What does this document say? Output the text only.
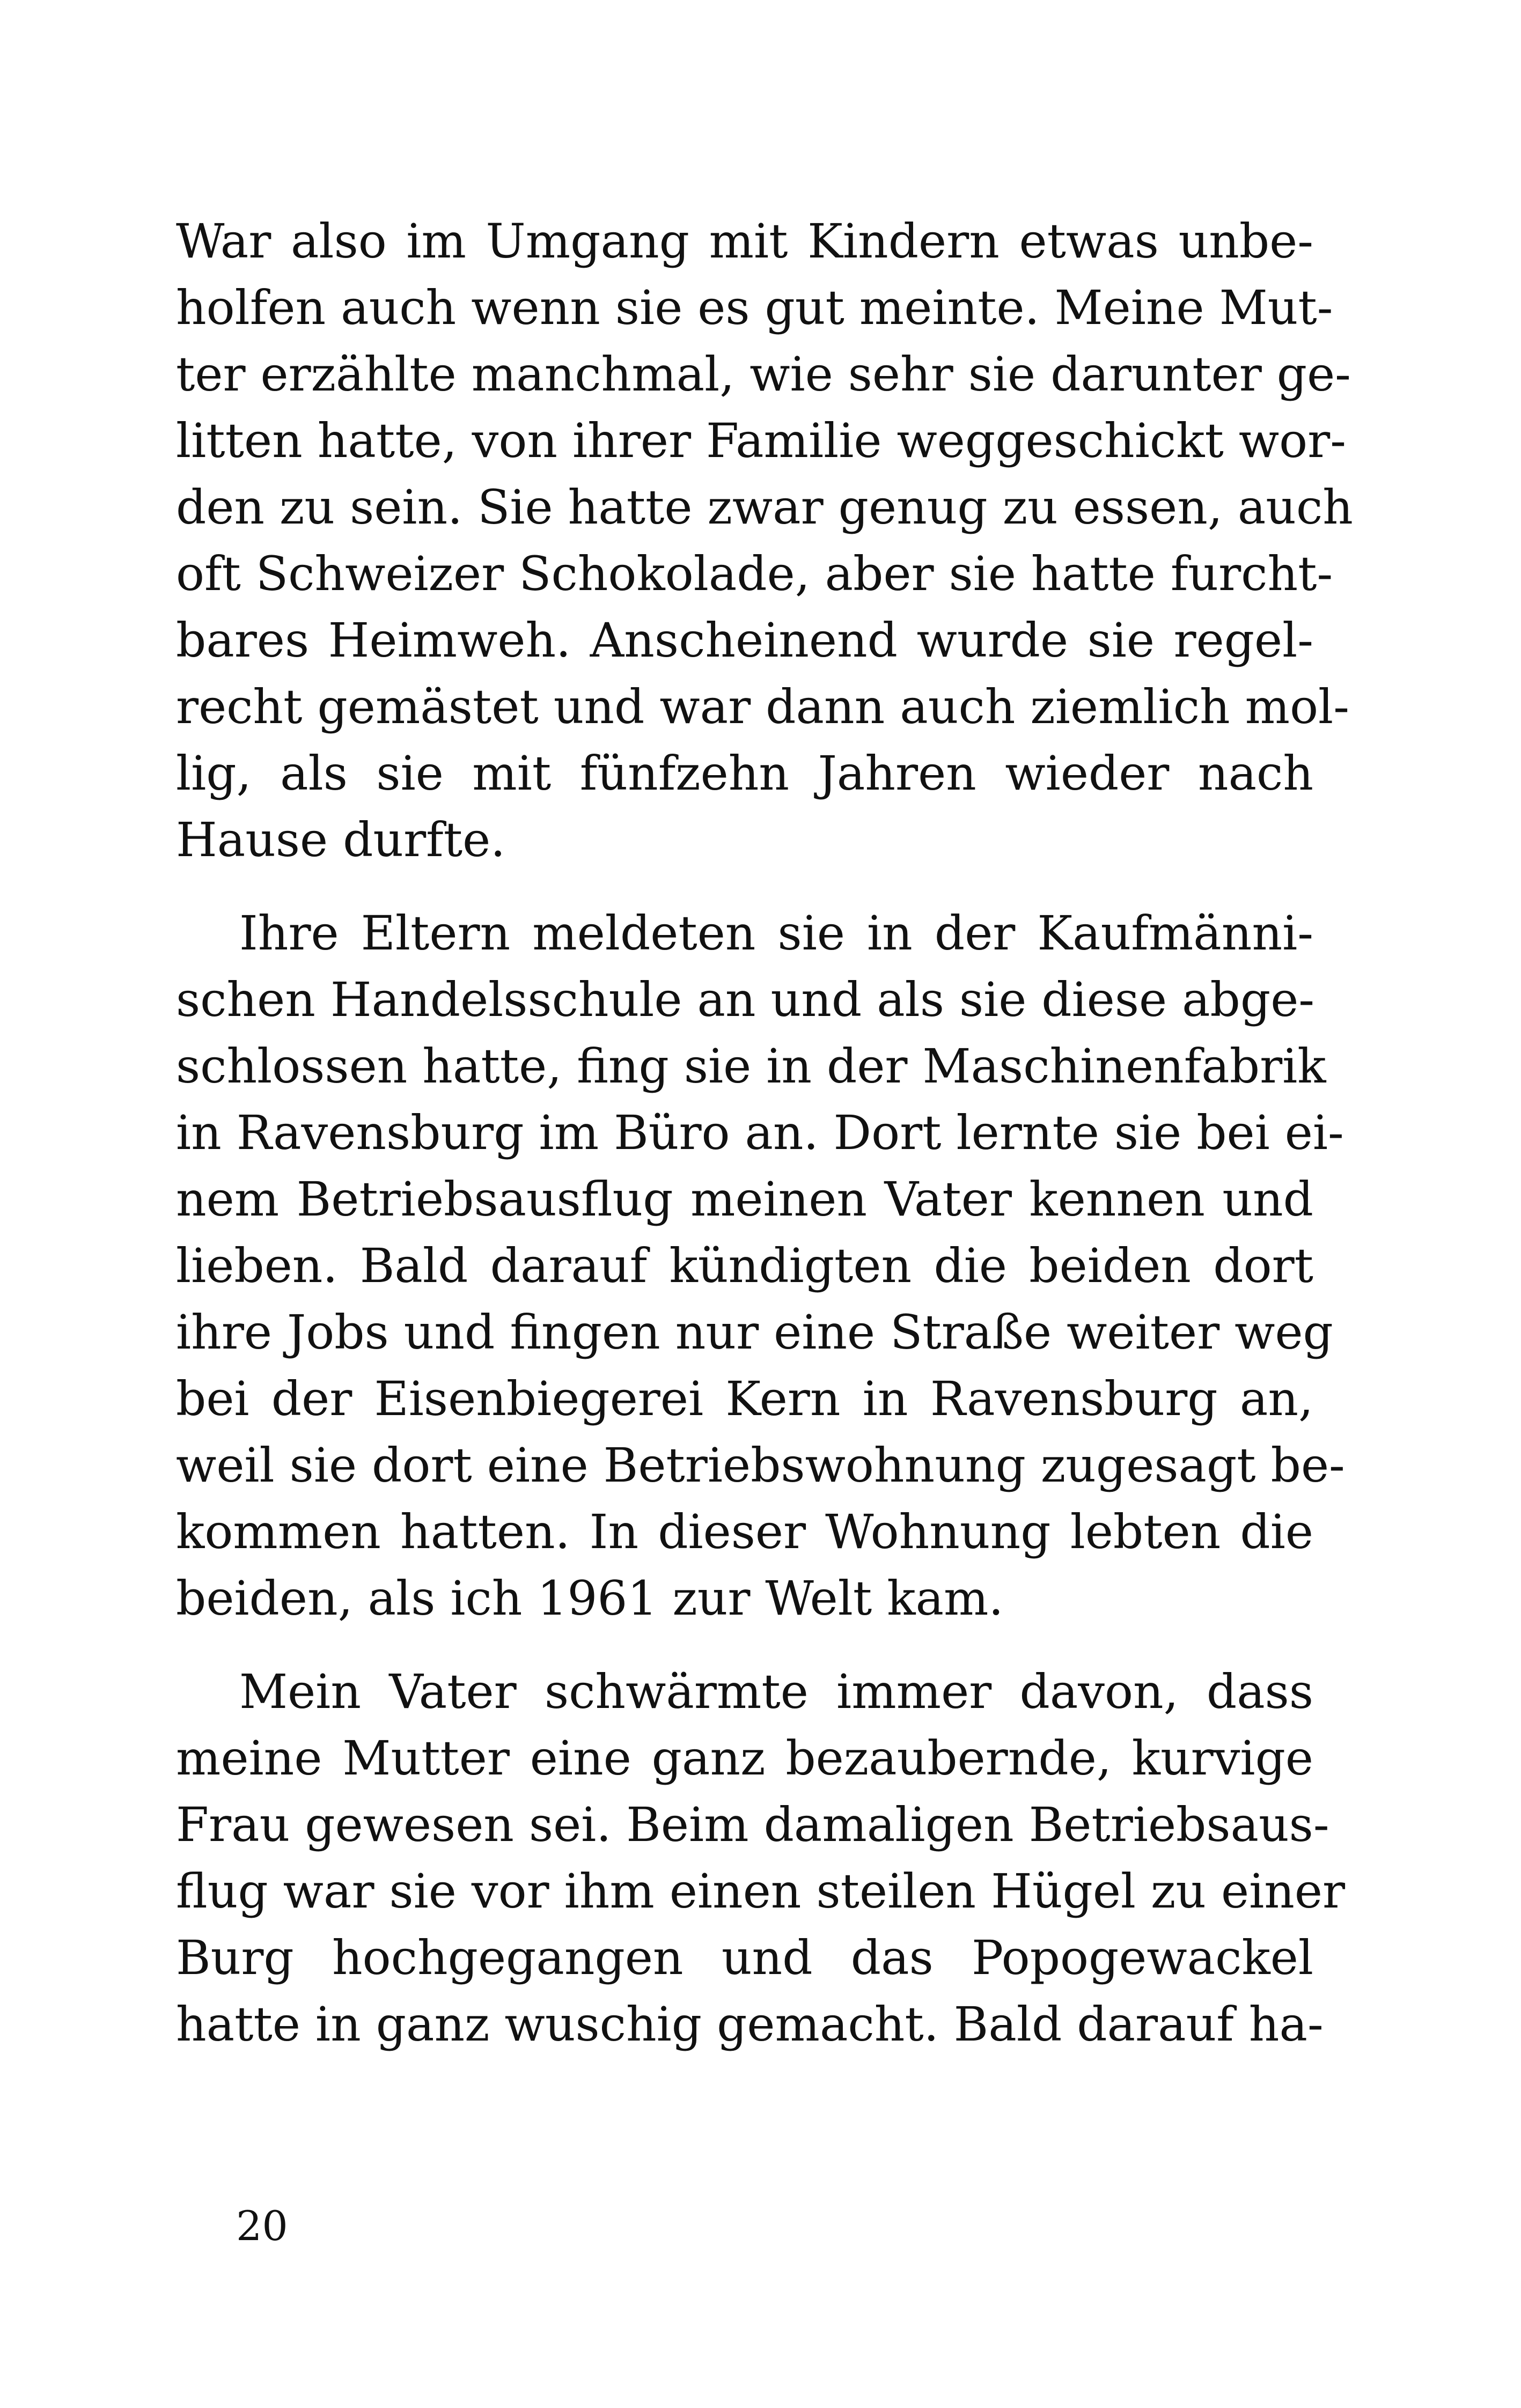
War also im Umgang mit Kindern etwas unbe-
holfen auch wenn sie es gut meinte. Meine Mut-
ter erzählte manchmal, wie sehr sie darunter ge-
litten hatte, von ihrer Familie weggeschickt wor-
den zu sein. Sie hatte zwar genug zu essen, auch
oft Schweizer Schokolade, aber sie hatte furcht-
bares Heimweh. Anscheinend wurde sie regel-
recht gemästet und war dann auch ziemlich mol-
lig, als sie mit fünfzehn Jahren wieder nach
Hause durfte.
Ihre Eltern meldeten sie in der Kaufmänni-
schen Handelsschule an und als sie diese abge-
schlossen hatte, fing sie in der Maschinenfabrik
in Ravensburg im Büro an. Dort lernte sie bei ei-
nem Betriebsausflug meinen Vater kennen und
lieben. Bald darauf kündigten die beiden dort
ihre Jobs und fingen nur eine Straße weiter weg
bei der Eisenbiegerei Kern in Ravensburg an,
weil sie dort eine Betriebswohnung zugesagt be-
kommen hatten. In dieser Wohnung lebten die
beiden, als ich 1961 zur Welt kam.
Mein Vater schwärmte immer davon, dass
meine Mutter eine ganz bezaubernde, kurvige
Frau gewesen sei. Beim damaligen Betriebsaus-
flug war sie vor ihm einen steilen Hügel zu einer
Burg hochgegangen und das Popogewackel
hatte in ganz wuschig gemacht. Bald darauf ha-
20
